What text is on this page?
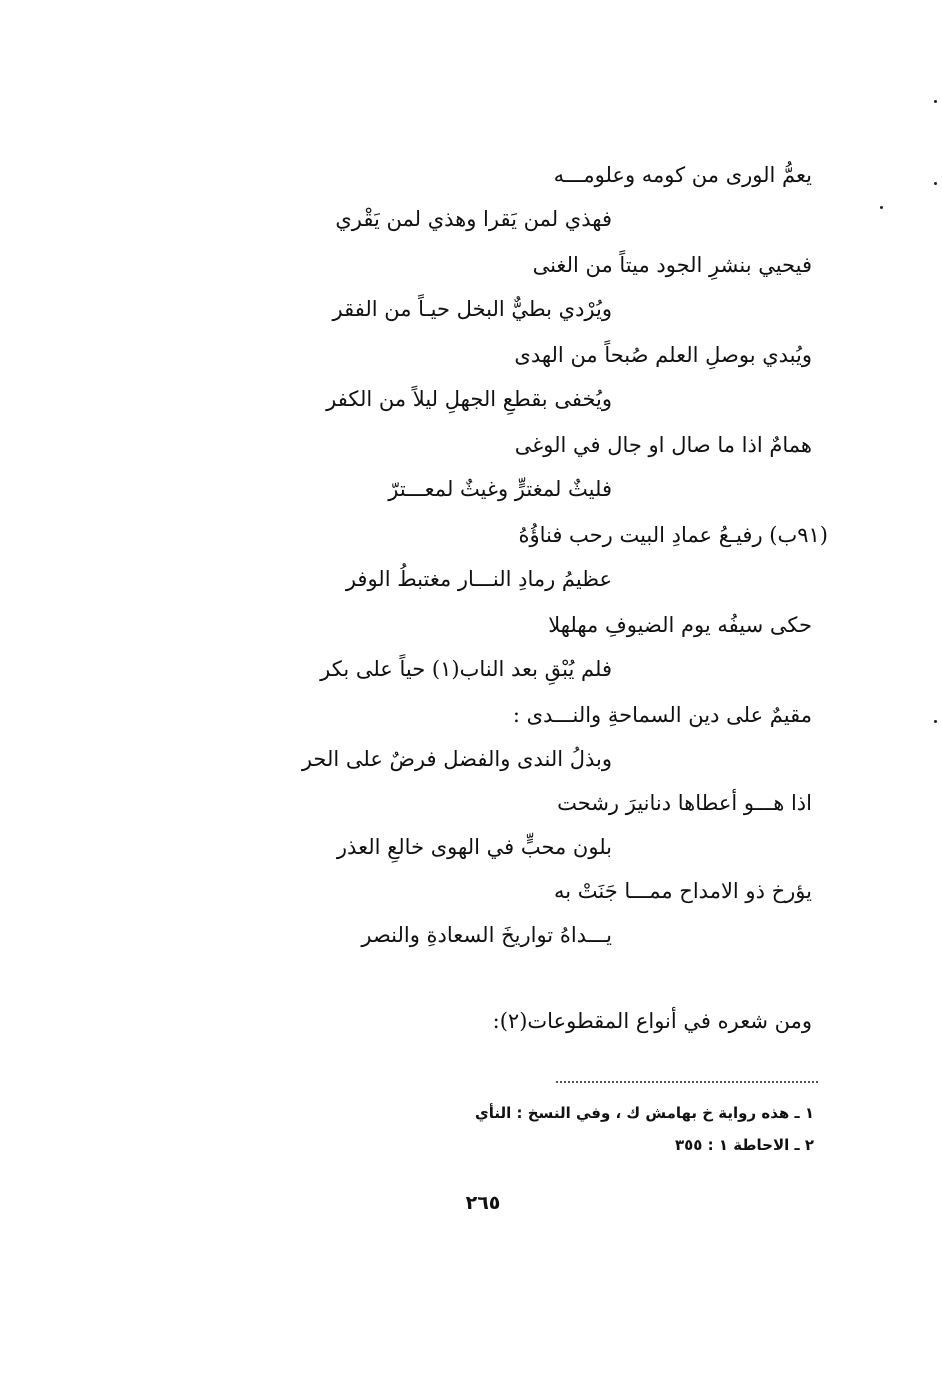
يعمُّ الورى من كومه وعلومـــه
فهذي لمن يَقرا وهذي لمن يَقْري
فيحيي بنشرِ الجود ميتاً من الغنى
ويُرْدي بطيٌّ البخل حيـاً من الفقر
ويُبدي بوصلِ العلم صُبحاً من الهدى
ويُخفى بقطعِ الجهلِ ليلاً من الكفر
همامٌ اذا ما صال او جال في الوغى
فليثٌ لمغترٍّ وغيثٌ لمعـــترّ
(٩١ب) رفيـعُ عمادِ البيت رحب فناؤُهُ
عظيمُ رمادِ النـــار مغتبطُ الوفر
حكى سيفُه يوم الضيوفِ مهلهلا
فلم يُبْقِ بعد الناب(١) حياً على بكر
مقيمٌ على دين السماحةِ والنـــدى :
وبذلُ الندى والفضل فرضٌ على الحر
اذا هـــو أعطاها دنانيرَ رشحت
بلون محبٍّ في الهوى خالعِ العذر
يؤرخ ذو الامداح ممـــا جَنَتْ به
يـــداهُ تواريخَ السعادةِ والنصر
ومن شعره في أنواع المقطوعات(٢):
١ ـ هذه رواية خ بهامش ك ، وفي النسخ : النأي
٢ ـ الاحاطة ١ : ٣٥٥
٢٦٥
